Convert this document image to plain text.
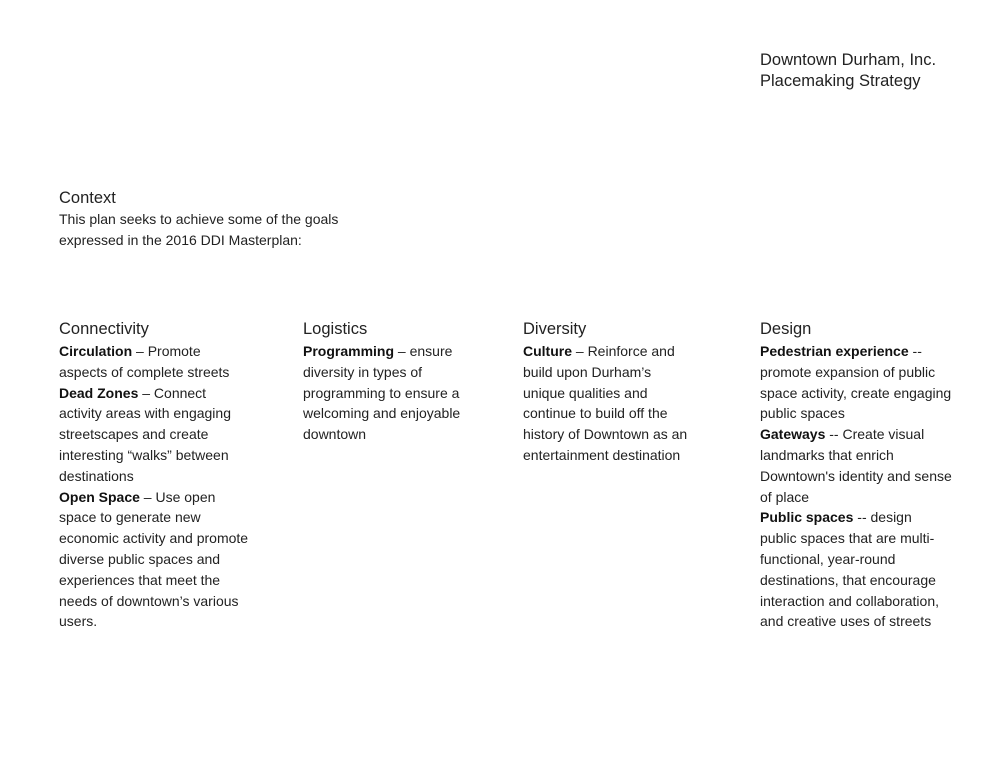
Downtown Durham, Inc.
Placemaking Strategy
Context
This plan seeks to achieve some of the goals expressed in the 2016 DDI Masterplan:
Connectivity
Circulation – Promote aspects of complete streets
Dead Zones – Connect activity areas with engaging streetscapes and create interesting “walks” between destinations
Open Space – Use open space to generate new economic activity and promote diverse public spaces and experiences that meet the needs of downtown’s various users.
Logistics
Programming – ensure diversity in types of programming to ensure a welcoming and enjoyable downtown
Diversity
Culture – Reinforce and build upon Durham’s unique qualities and continue to build off the history of Downtown as an entertainment destination
Design
Pedestrian experience -- promote expansion of public space activity, create engaging public spaces
Gateways -- Create visual landmarks that enrich Downtown's identity and sense of place
Public spaces -- design public spaces that are multi-functional, year-round destinations, that encourage interaction and collaboration, and creative uses of streets
